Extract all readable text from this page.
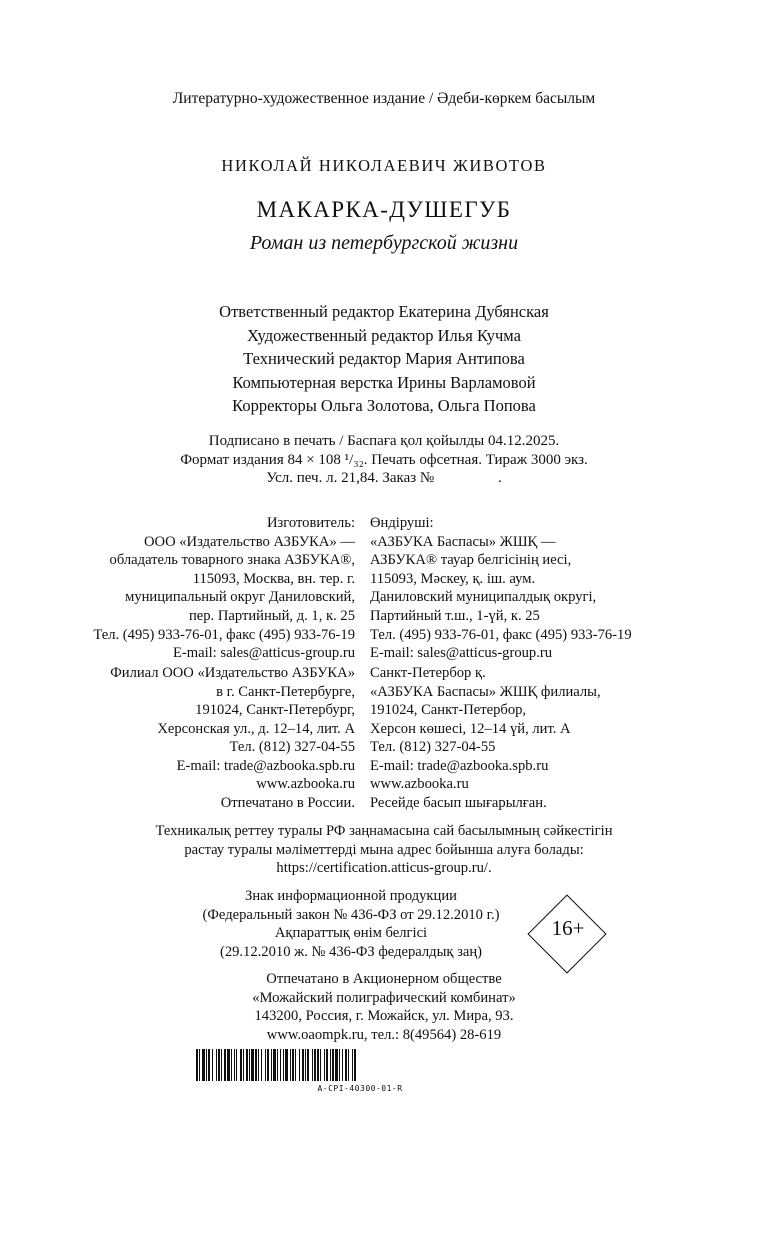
Литературно-художественное издание / Әдеби-көркем басылым
НИКОЛАЙ НИКОЛАЕВИЧ ЖИВОТОВ
МАКАРКА-ДУШЕГУБ
Роман из петербургской жизни
Ответственный редактор Екатерина Дубянская
Художественный редактор Илья Кучма
Технический редактор Мария Антипова
Компьютерная верстка Ирины Варламовой
Корректоры Ольга Золотова, Ольга Попова
Подписано в печать / Баспаға қол қойылды 04.12.2025.
Формат издания 84 × 108 ¹/₃₂. Печать офсетная. Тираж 3000 экз.
Усл. печ. л. 21,84. Заказ №                 .
Изготовитель:
ООО «Издательство АЗБУКА» —
обладатель товарного знака АЗБУКА®,
115093, Москва, вн. тер. г.
муниципальный округ Даниловский,
пер. Партийный, д. 1, к. 25
Тел. (495) 933-76-01, факс (495) 933-76-19
E-mail: sales@atticus-group.ru
Өндіруші:
«АЗБУКА Баспасы» ЖШҚ —
АЗБУКА® тауар белгісінің иесі,
115093, Мәскеу, қ. іш. аум.
Даниловский муниципалдық округі,
Партийный т.ш., 1-үй, к. 25
Тел. (495) 933-76-01, факс (495) 933-76-19
E-mail: sales@atticus-group.ru
Филиал ООО «Издательство АЗБУКА»
в г. Санкт-Петербурге,
191024, Санкт-Петербург,
Херсонская ул., д. 12–14, лит. А
Тел. (812) 327-04-55
E-mail: trade@azbooka.spb.ru
Санкт-Петербор қ.
«АЗБУКА Баспасы» ЖШҚ филиалы,
191024, Санкт-Петербор,
Херсон көшесі, 12–14 үй, лит. А
Тел. (812) 327-04-55
E-mail: trade@azbooka.spb.ru
www.azbooka.ru
Отпечатано в России.
www.azbooka.ru
Ресейде басып шығарылған.
Техникалық реттеу туралы РФ заңнамасына сай басылымның сәйкестігін
растау туралы мәліметтерді мына адрес бойынша алуға болады:
https://certification.atticus-group.ru/.
Знак информационной продукции
(Федеральный закон № 436-ФЗ от 29.12.2010 г.)
Ақпараттық өнім белгісі
(29.12.2010 ж. № 436-ФЗ федералдық заң)
16+
Отпечатано в Акционерном обществе
«Можайский полиграфический комбинат»
143200, Россия, г. Можайск, ул. Мира, 93.
www.oaompk.ru, тел.: 8(49564) 28-619
A-CPI-40300-01-R
